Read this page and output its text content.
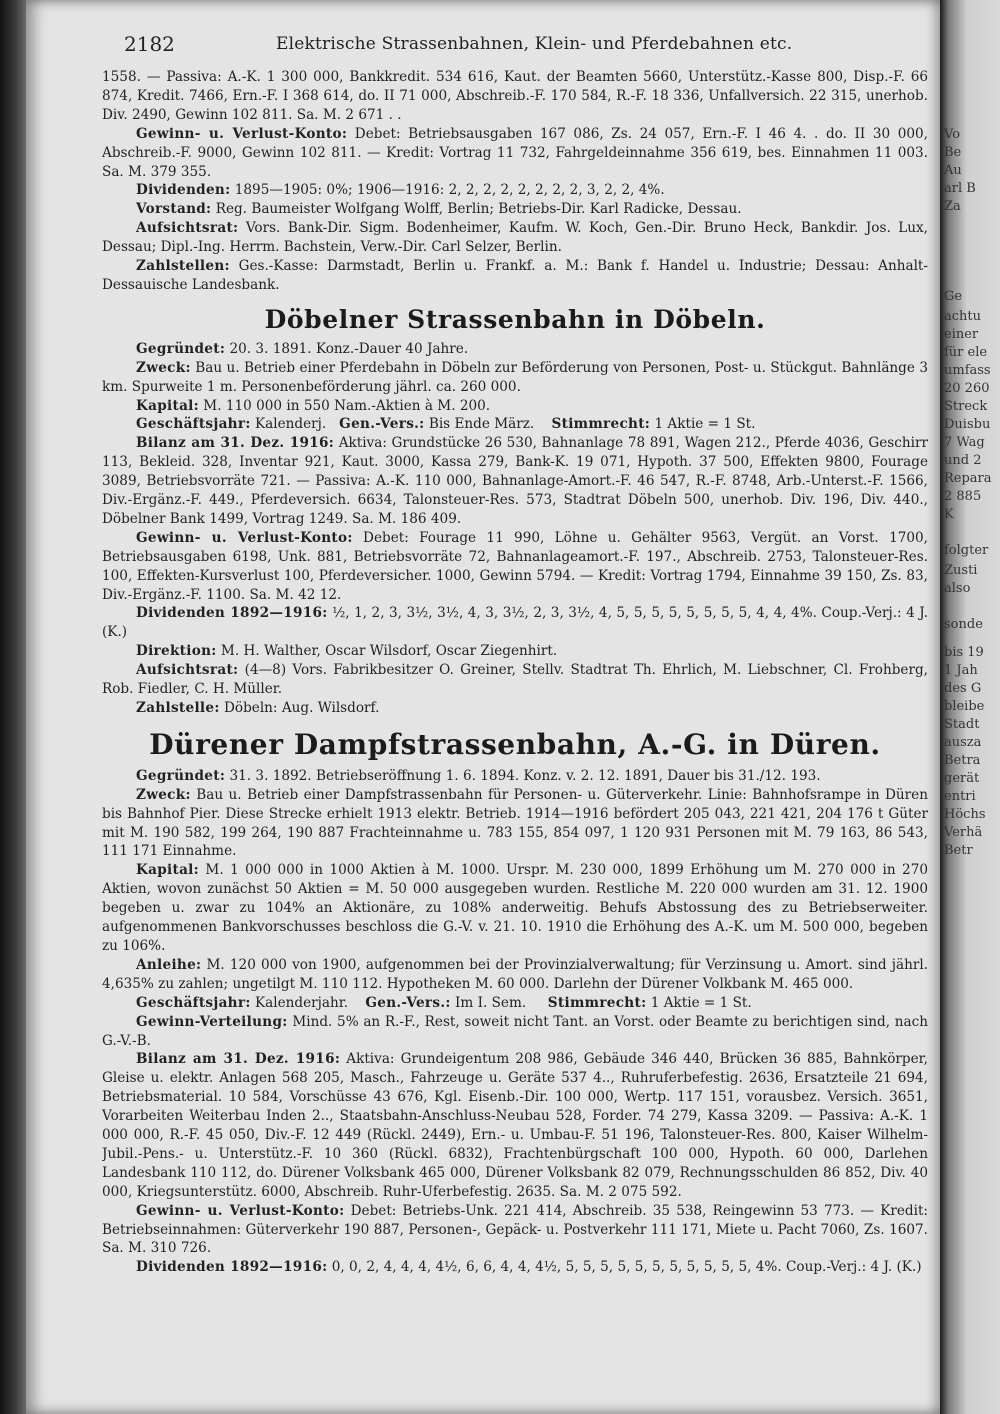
2182	Elektrische Strassenbahnen, Klein- und Pferdebahnen etc.

1558. — Passiva: A.-K. 1 300 000, Bankkredit. 534 616, Kaut. der Beamten 5660, Unterstütz.-Kasse 800, Disp.-F. 66 874, Kredit. 7466, Ern.-F. I 368 614, do. II 71 000, Abschreib.-F. 170 584, R.-F. 18 336, Unfallversich. 22 315, unerhob. Div. 2490, Gewinn 102 811. Sa. M. 2 671 . .

Gewinn- u. Verlust-Konto: Debet: Betriebsausgaben 167 086, Zs. 24 057, Ern.-F. I 46 4. . do. II 30 000, Abschreib.-F. 9000, Gewinn 102 811. — Kredit: Vortrag 11 732, Fahrgeldeinnahme 356 619, bes. Einnahmen 11 003. Sa. M. 379 355.

Dividenden: 1895—1905: 0%; 1906—1916: 2, 2, 2, 2, 2, 2, 2, 2, 3, 2, 2, 4%.

Vorstand: Reg. Baumeister Wolfgang Wolff, Berlin; Betriebs-Dir. Karl Radicke, Dessau.

Aufsichtsrat: Vors. Bank-Dir. Sigm. Bodenheimer, Kaufm. W. Koch, Gen.-Dir. Bruno Heck, Bankdir. Jos. Lux, Dessau; Dipl.-Ing. Herrm. Bachstein, Verw.-Dir. Carl Selzer, Berlin.

Zahlstellen: Ges.-Kasse: Darmstadt, Berlin u. Frankf. a. M.: Bank f. Handel u. Industrie; Dessau: Anhalt-Dessauische Landesbank.

Döbelner Strassenbahn in Döbeln.

Gegründet: 20. 3. 1891. Konz.-Dauer 40 Jahre.

Zweck: Bau u. Betrieb einer Pferdebahn in Döbeln zur Beförderung von Personen, Post- u. Stückgut. Bahnlänge 3 km. Spurweite 1 m. Personenbeförderung jährl. ca. 260 000.

Kapital: M. 110 000 in 550 Nam.-Aktien à M. 200.

Geschäftsjahr: Kalenderj. Gen.-Vers.: Bis Ende März. Stimmrecht: 1 Aktie = 1 St.

Bilanz am 31. Dez. 1916: Aktiva: Grundstücke 26 530, Bahnanlage 78 891, Wagen 212., Pferde 4036, Geschirr 113, Bekleid. 328, Inventar 921, Kaut. 3000, Kassa 279, Bank-K. 19 071, Hypoth. 37 500, Effekten 9800, Fourage 3089, Betriebsvorräte 721. — Passiva: A.-K. 110 000, Bahnanlage-Amort.-F. 46 547, R.-F. 8748, Arb.-Unterst.-F. 1566, Div.-Ergänz.-F. 449., Pferdeversich. 6634, Talonsteuer-Res. 573, Stadtrat Döbeln 500, unerhob. Div. 196, Div. 440., Döbelner Bank 1499, Vortrag 1249. Sa. M. 186 409.

Gewinn- u. Verlust-Konto: Debet: Fourage 11 990, Löhne u. Gehälter 9563, Vergüt. an Vorst. 1700, Betriebsausgaben 6198, Unk. 881, Betriebsvorräte 72, Bahnanlageamort.-F. 197., Abschreib. 2753, Talonsteuer-Res. 100, Effekten-Kursverlust 100, Pferdeversicher. 1000, Gewinn 5794. — Kredit: Vortrag 1794, Einnahme 39 150, Zs. 83, Div.-Ergänz.-F. 1100. Sa. M. 42 12.

Dividenden 1892—1916: ½, 1, 2, 3, 3½, 3½, 4, 3, 3½, 2, 3, 3½, 4, 5, 5, 5, 5, 5, 5, 5, 5, 4, 4, 4%. Coup.-Verj.: 4 J. (K.)

Direktion: M. H. Walther, Oscar Wilsdorf, Oscar Ziegenhirt.

Aufsichtsrat: (4—8) Vors. Fabrikbesitzer O. Greiner, Stellv. Stadtrat Th. Ehrlich, M. Liebschner, Cl. Frohberg, Rob. Fiedler, C. H. Müller.

Zahlstelle: Döbeln: Aug. Wilsdorf.

Dürener Dampfstrassenbahn, A.-G. in Düren.

Gegründet: 31. 3. 1892. Betriebseröffnung 1. 6. 1894. Konz. v. 2. 12. 1891, Dauer bis 31./12. 193.

Zweck: Bau u. Betrieb einer Dampfstrassenbahn für Personen- u. Güterverkehr. Linie: Bahnhofsrampe in Düren bis Bahnhof Pier. Diese Strecke erhielt 1913 elektr. Betrieb. 1914—1916 befördert 205 043, 221 421, 204 176 t Güter mit M. 190 582, 199 264, 190 887 Frachteinnahme u. 783 155, 854 097, 1 120 931 Personen mit M. 79 163, 86 543, 111 171 Einnahme.

Kapital: M. 1 000 000 in 1000 Aktien à M. 1000. Urspr. M. 230 000, 1899 Erhöhung um M. 270 000 in 270 Aktien, wovon zunächst 50 Aktien = M. 50 000 ausgegeben wurden. Restliche M. 220 000 wurden am 31. 12. 1900 begeben u. zwar zu 104% an Aktionäre, zu 108% anderweitig. Behufs Abstossung des zu Betriebserweiter. aufgenommenen Bankvorschusses beschloss die G.-V. v. 21. 10. 1910 die Erhöhung des A.-K. um M. 500 000, begeben zu 106%.

Anleihe: M. 120 000 von 1900, aufgenommen bei der Provinzialverwaltung; für Verzinsung u. Amort. sind jährl. 4,635% zu zahlen; ungetilgt M. 110 112. Hypotheken M. 60 000. Darlehn der Dürener Volkbank M. 465 000.

Geschäftsjahr: Kalenderjahr. Gen.-Vers.: Im I. Sem. Stimmrecht: 1 Aktie = 1 St.

Gewinn-Verteilung: Mind. 5% an R.-F., Rest, soweit nicht Tant. an Vorst. oder Beamte zu berichtigen sind, nach G.-V.-B.

Bilanz am 31. Dez. 1916: Aktiva: Grundeigentum 208 986, Gebäude 346 440, Brücken 36 885, Bahnkörper, Gleise u. elektr. Anlagen 568 205, Masch., Fahrzeuge u. Geräte 537 4.., Ruhruferbefestig. 2636, Ersatzteile 21 694, Betriebsmaterial. 10 584, Vorschüsse 43 676, Kgl. Eisenb.-Dir. 100 000, Wertp. 117 151, vorausbez. Versich. 3651, Vorarbeiten Weiterbau Inden 2.., Staatsbahn-Anschluss-Neubau 528, Forder. 74 279, Kassa 3209. — Passiva: A.-K. 1 000 000, R.-F. 45 050, Div.-F. 12 449 (Rückl. 2449), Ern.- u. Umbau-F. 51 196, Talonsteuer-Res. 800, Kaiser Wilhelm-Jubil.-Pens.- u. Unterstütz.-F. 10 360 (Rückl. 6832), Frachtenbürgschaft 100 000, Hypoth. 60 000, Darlehen Landesbank 110 112, do. Dürener Volksbank 465 000, Dürener Volksbank 82 079, Rechnungsschulden 86 852, Div. 40 000, Kriegsunterstütz. 6000, Abschreib. Ruhr-Uferbefestig. 2635. Sa. M. 2 075 592.

Gewinn- u. Verlust-Konto: Debet: Betriebs-Unk. 221 414, Abschreib. 35 538, Reingewinn 53 773. — Kredit: Betriebseinnahmen: Güterverkehr 190 887, Personen-, Gepäck- u. Postverkehr 111 171, Miete u. Pacht 7060, Zs. 1607. Sa. M. 310 726.

Dividenden 1892—1916: 0, 0, 2, 4, 4, 4, 4½, 6, 6, 4, 4, 4½, 5, 5, 5, 5, 5, 5, 5, 5, 5, 5, 5, 4%. Coup.-Verj.: 4 J. (K.)

Vo
Be
Au
arl B
Za
Ge
achtu
einer
für ele
umfass
20 260
Streck
Duisbu
7 Wag
und 2
Repara
2 885
K
folgter
Zusti
also
sonde
bis 19
1 Jah
des G
bleibe
Stadt
ausza
Betra
gerät
entri
Höchs
Verhä
Betr
